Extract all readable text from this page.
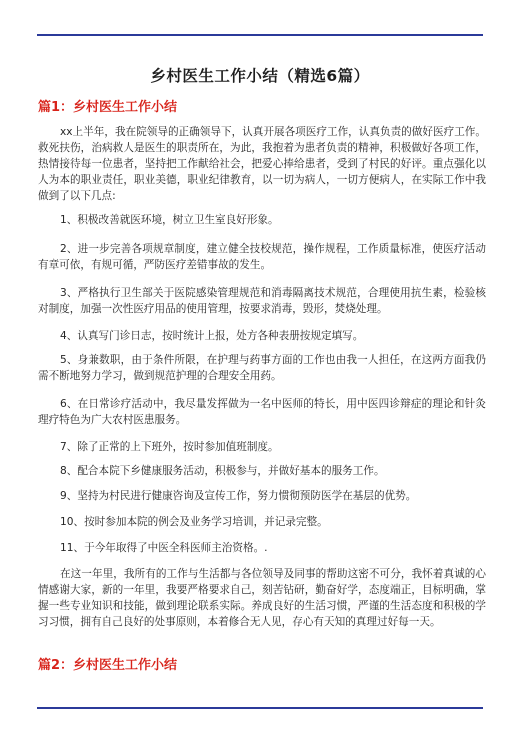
乡村医生工作小结（精选6篇）
篇1：乡村医生工作小结
xx上半年，我在院领导的正确领导下，认真开展各项医疗工作，认真负责的做好医疗工作。救死扶伤，治病救人是医生的职责所在，为此，我抱着为患者负责的精神，积极做好各项工作，热情接待每一位患者，坚持把工作献给社会，把爱心捧给患者，受到了村民的好评。重点强化以人为本的职业责任，职业美德，职业纪律教育，以一切为病人，一切方便病人，在实际工作中我做到了以下几点:
1、积极改善就医环境，树立卫生室良好形象。
2、进一步完善各项规章制度，建立健全技校规范，操作规程，工作质量标准，使医疗活动有章可依，有规可循，严防医疗差错事故的发生。
3、严格执行卫生部关于医院感染管理规范和消毒隔离技术规范，合理使用抗生素，检验核对制度，加强一次性医疗用品的使用管理，按要求消毒，毁形，焚烧处理。
4、认真写门诊日志，按时统计上报，处方各种表册按规定填写。
5、身兼数职，由于条件所限，在护理与药事方面的工作也由我一人担任，在这两方面我仍需不断地努力学习，做到规范护理的合理安全用药。
6、在日常诊疗活动中，我尽量发挥做为一名中医师的特长，用中医四诊辩症的理论和针灸理疗特色为广大农村医患服务。
7、除了正常的上下班外，按时参加值班制度。
8、配合本院下乡健康服务活动，积极参与，并做好基本的服务工作。
9、坚持为村民进行健康咨询及宣传工作，努力惯彻预防医学在基层的优势。
10、按时参加本院的例会及业务学习培训，并记录完整。
11、于今年取得了中医全科医师主治资格。.
在这一年里，我所有的工作与生活都与各位领导及同事的帮助这密不可分，我怀着真诚的心情感谢大家，新的一年里，我要严格要求自己，刻苦钻研，勤奋好学，态度端正，目标明确，掌握一些专业知识和技能，做到理论联系实际。养成良好的生活习惯，严谨的生活态度和积极的学习习惯，拥有自己良好的处事原则，本着修合无人见，存心有天知的真理过好每一天。
篇2：乡村医生工作小结
